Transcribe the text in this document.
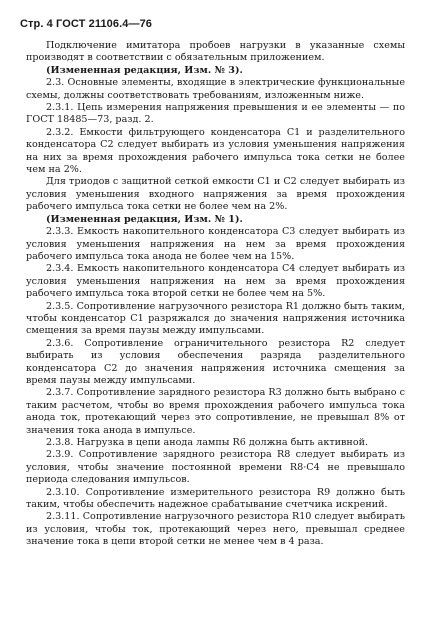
Стр. 4 ГОСТ 21106.4—76

Подключение имитатора пробоев нагрузки в указанные схемы производят в соответствии с обязательным приложением.

(Измененная редакция, Изм. № 3).

2.3. Основные элементы, входящие в электрические функциональные схемы, должны соответствовать требованиям, изложенным ниже.

2.3.1. Цепь измерения напряжения превышения и ее элементы — по ГОСТ 18485—73, разд. 2.

2.3.2. Емкости фильтрующего конденсатора C1 и разделительного конденсатора C2 следует выбирать из условия уменьшения напряжения на них за время прохождения рабочего импульса тока сетки не более чем на 2%.

Для триодов с защитной сеткой емкости C1 и C2 следует выбирать из условия уменьшения входного напряжения за время прохождения рабочего импульса тока сетки не более чем на 2%.

(Измененная редакция, Изм. № 1).

2.3.3. Емкость накопительного конденсатора C3 следует выбирать из условия уменьшения напряжения на нем за время прохождения рабочего импульса тока анода не более чем на 15%.

2.3.4. Емкость накопительного конденсатора C4 следует выбирать из условия уменьшения напряжения на нем за время прохождения рабочего импульса тока второй сетки не более чем на 5%.

2.3.5. Сопротивление нагрузочного резистора R1 должно быть таким, чтобы конденсатор C1 разряжался до значения напряжения источника смещения за время паузы между импульсами.

2.3.6. Сопротивление ограничительного резистора R2 следует выбирать из условия обеспечения разряда разделительного конденсатора C2 до значения напряжения источника смещения за время паузы между импульсами.

2.3.7. Сопротивление зарядного резистора R3 должно быть выбрано с таким расчетом, чтобы во время прохождения рабочего импульса тока анода ток, протекающий через это сопротивление, не превышал 8% от значения тока анода в импульсе.

2.3.8. Нагрузка в цепи анода лампы R6 должна быть активной.

2.3.9. Сопротивление зарядного резистора R8 следует выбирать из условия, чтобы значение постоянной времени R8·C4 не превышало периода следования импульсов.

2.3.10. Сопротивление измерительного резистора R9 должно быть таким, чтобы обеспечить надежное срабатывание счетчика искрений.

2.3.11. Сопротивление нагрузочного резистора R10 следует выбирать из условия, чтобы ток, протекающий через него, превышал среднее значение тока в цепи второй сетки не менее чем в 4 раза.
